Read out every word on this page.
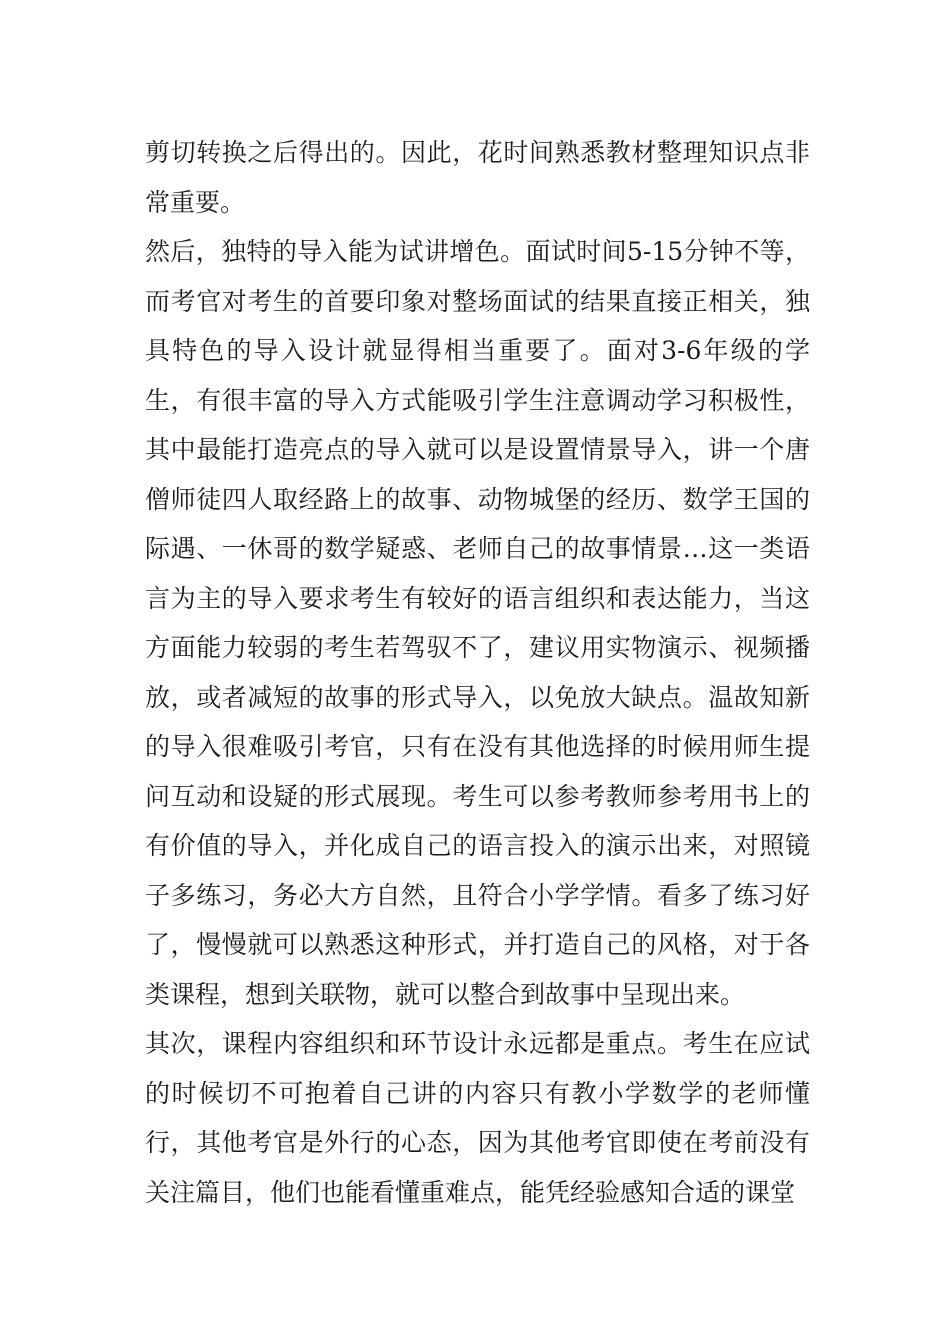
剪切转换之后得出的。因此，花时间熟悉教材整理知识点非常重要。

然后，独特的导入能为试讲增色。面试时间5-15分钟不等，而考官对考生的首要印象对整场面试的结果直接正相关，独具特色的导入设计就显得相当重要了。面对3-6年级的学生，有很丰富的导入方式能吸引学生注意调动学习积极性，其中最能打造亮点的导入就可以是设置情景导入，讲一个唐僧师徒四人取经路上的故事、动物城堡的经历、数学王国的际遇、一休哥的数学疑惑、老师自己的故事情景…这一类语言为主的导入要求考生有较好的语言组织和表达能力，当这方面能力较弱的考生若驾驭不了，建议用实物演示、视频播放，或者减短的故事的形式导入，以免放大缺点。温故知新的导入很难吸引考官，只有在没有其他选择的时候用师生提问互动和设疑的形式展现。考生可以参考教师参考用书上的有价值的导入，并化成自己的语言投入的演示出来，对照镜子多练习，务必大方自然，且符合小学学情。看多了练习好了，慢慢就可以熟悉这种形式，并打造自己的风格，对于各类课程，想到关联物，就可以整合到故事中呈现出来。

其次，课程内容组织和环节设计永远都是重点。考生在应试的时候切不可抱着自己讲的内容只有教小学数学的老师懂行，其他考官是外行的心态，因为其他考官即使在考前没有关注篇目，他们也能看懂重难点，能凭经验感知合适的课堂
